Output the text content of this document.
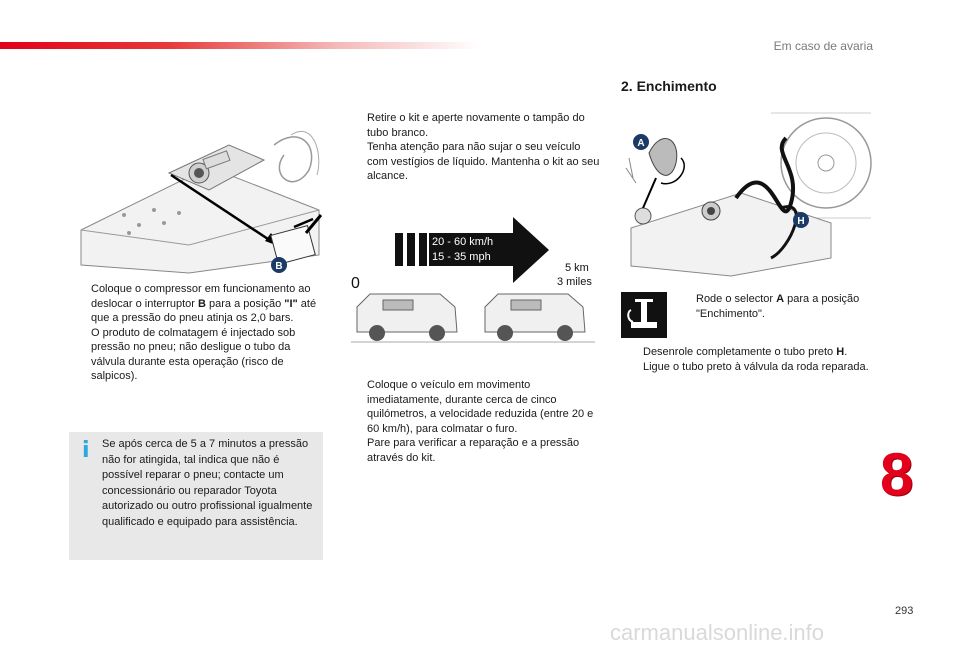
Em caso de avaria
B
Coloque o compressor em funcionamento ao deslocar o interruptor B para a posição "I" até que a pressão do pneu atinja os 2,0 bars.
O produto de colmatagem é injectado sob pressão no pneu; não desligue o tubo da válvula durante esta operação (risco de salpicos).
i Se após cerca de 5 a 7 minutos a pressão não for atingida, tal indica que não é possível reparar o pneu; contacte um concessionário ou reparador Toyota autorizado ou outro profissional igualmente qualificado e equipado para assistência.
Retire o kit e aperte novamente o tampão do tubo branco.
Tenha atenção para não sujar o seu veículo com vestígios de líquido. Mantenha o kit ao seu alcance.
20 - 60 km/h
15 - 35 mph
0
5 km
3 miles
Coloque o veículo em movimento imediatamente, durante cerca de cinco quilómetros, a velocidade reduzida (entre 20 e 60 km/h), para colmatar o furo.
Pare para verificar a reparação e a pressão através do kit.
2. Enchimento
A
H
Rode o selector A para a posição "Enchimento".
Desenrole completamente o tubo preto H.
Ligue o tubo preto à válvula da roda reparada.
8
293
carmanualsonline.info
